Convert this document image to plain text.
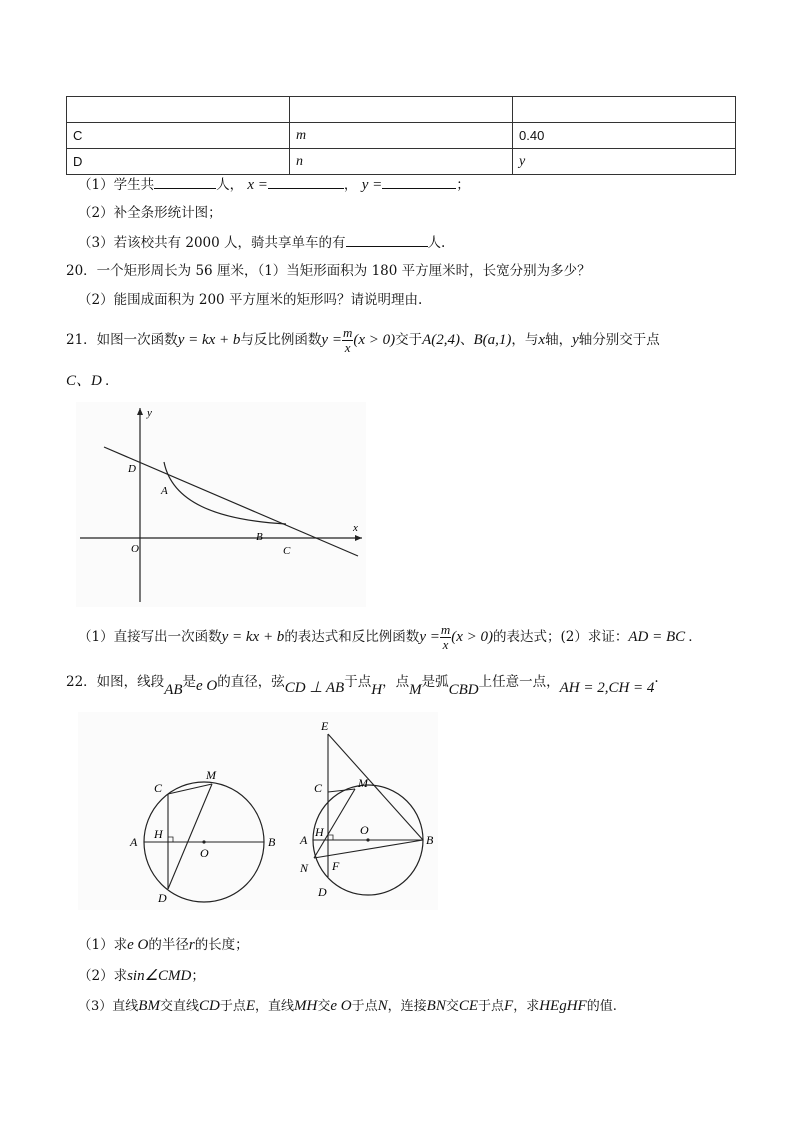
C	m	0.40
D	n	y
（1）学生共	人， x =	， y =	；
（2）补全条形统计图；
（3）若该校共有 2000 人，骑共享单车的有	人.
20．一个矩形周长为 56 厘米，（1）当矩形面积为 180 平方厘米时，长宽分别为多少？
（2）能围成面积为 200 平方厘米的矩形吗？请说明理由.
21．如图一次函数y = kx + b与反比例函数$y = \frac{m}{x} (x > 0)$交于A(2,4)、B(a,1)，与x轴，y轴分别交于点
C、D .
y
x
D
A
O
B
C
（1）直接写出一次函数y = kx + b的表达式和反比例函数$y = \frac{m}{x} (x > 0)$的表达式；(2）求证：AD = BC .
22．如图，线段AB是e O的直径，弦CD ⊥ AB于点H，点M是弧CBD上任意一点，AH = 2,CH = 4·
C
M
A
H
O
B
D
E
C	M
A
H	O
B
N F
D
（1）求e O的半径r的长度；
（2）求sin∠CMD；
（3）直线BM交直线CD于点E，直线MH交e O于点N，连接BN交CE于点F，求HEgHF的值.
